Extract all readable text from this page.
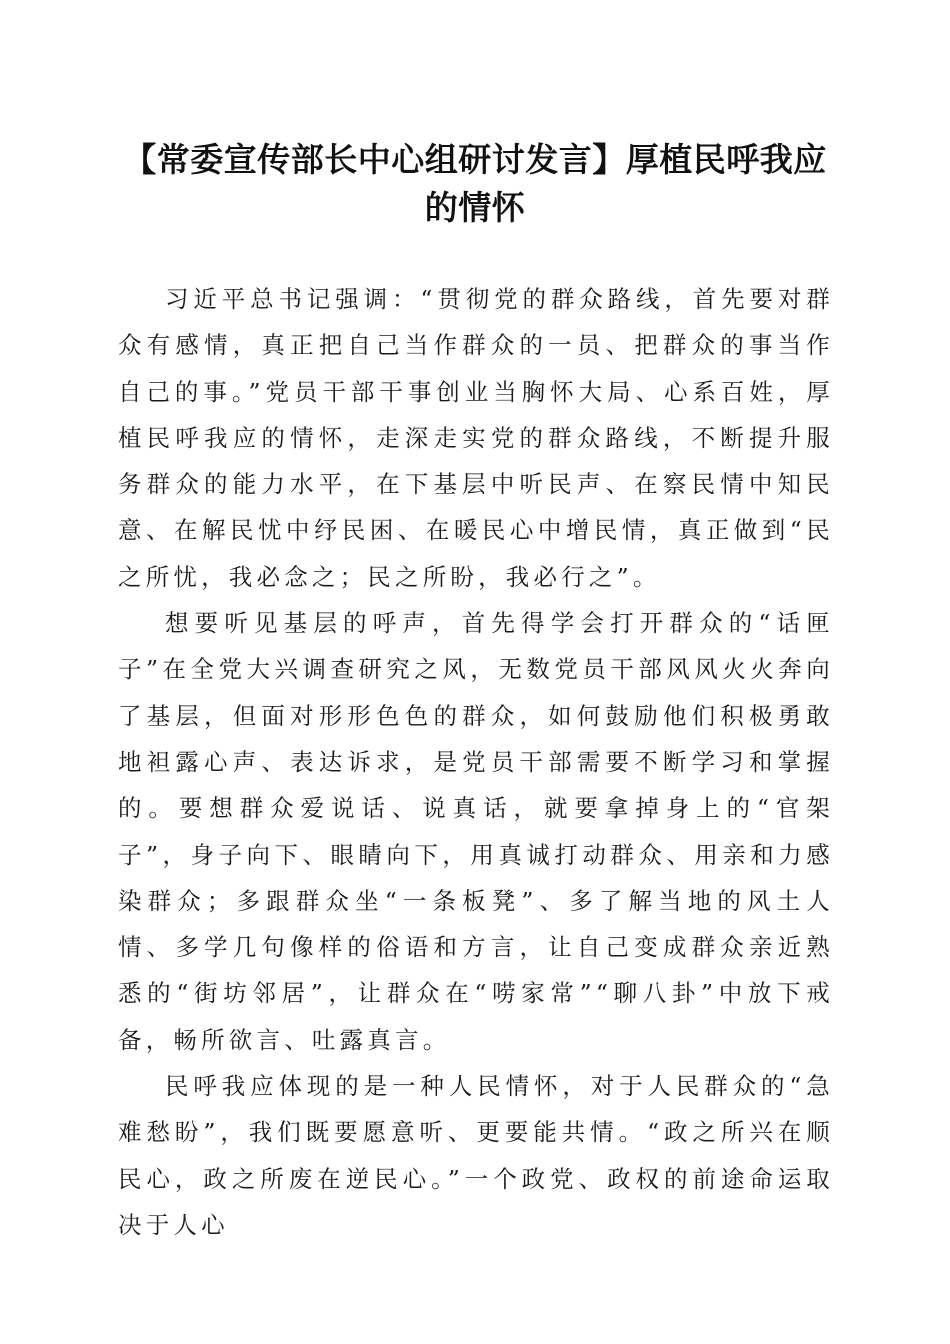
【常委宣传部长中心组研讨发言】厚植民呼我应的情怀

习近平总书记强调：“贯彻党的群众路线，首先要对群众有感情，真正把自己当作群众的一员、把群众的事当作自己的事。”党员干部干事创业当胸怀大局、心系百姓，厚植民呼我应的情怀，走深走实党的群众路线，不断提升服务群众的能力水平，在下基层中听民声、在察民情中知民意、在解民忧中纾民困、在暖民心中增民情，真正做到“民之所忧，我必念之；民之所盼，我必行之”。

想要听见基层的呼声，首先得学会打开群众的“话匣子”在全党大兴调查研究之风，无数党员干部风风火火奔向了基层，但面对形形色色的群众，如何鼓励他们积极勇敢地袒露心声、表达诉求，是党员干部需要不断学习和掌握的。要想群众爱说话、说真话，就要拿掉身上的“官架子”，身子向下、眼睛向下，用真诚打动群众、用亲和力感染群众；多跟群众坐“一条板凳”、多了解当地的风土人情、多学几句像样的俗语和方言，让自己变成群众亲近熟悉的“街坊邻居”，让群众在“唠家常”“聊八卦”中放下戒备，畅所欲言、吐露真言。

民呼我应体现的是一种人民情怀，对于人民群众的“急难愁盼”，我们既要愿意听、更要能共情。“政之所兴在顺民心，政之所废在逆民心。”一个政党、政权的前途命运取决于人心
